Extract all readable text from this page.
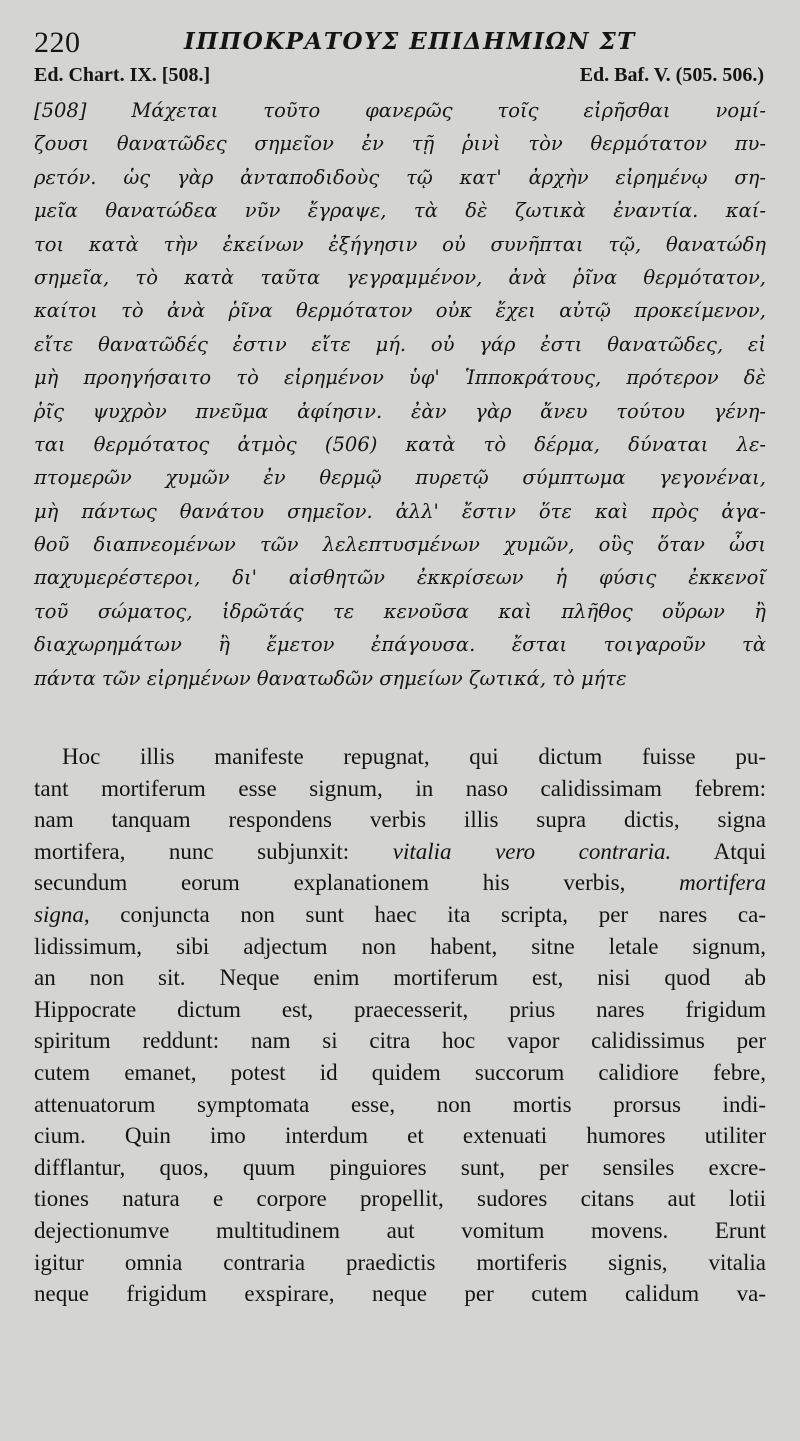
220	ΙΠΠΟΚΡΑΤΟΥΣ ΕΠΙΔΗΜΙΩΝ ΣΤ
Ed. Chart. IX. [508.]	Ed. Baf. V. (505. 506.)
[508] Μάχεται τοῦτο φανερῶς τοῖς εἰρῆσθαι νομί-
ζουσι θανατῶδες σημεῖον ἐν τῇ ῥινὶ τὸν θερμότατον πυ-
ρετόν. ὡς γὰρ ἀνταποδιδοὺς τῷ κατ' ἀρχὴν εἰρημένῳ ση-
μεῖα θανατώδεα νῦν ἔγραψε, τὰ δὲ ζωτικὰ ἐναντία. καί-
τοι κατὰ τὴν ἐκείνων ἐξήγησιν οὐ συνῆπται τῷ, θανατώδη
σημεῖα, τὸ κατὰ ταῦτα γεγραμμένον, ἀνὰ ῥῖνα θερμότατον,
καίτοι τὸ ἀνὰ ῥῖνα θερμότατον οὐκ ἔχει αὐτῷ προκείμενον,
εἴτε θανατῶδές ἐστιν εἴτε μή. οὐ γάρ ἐστι θανατῶδες, εἰ
μὴ προηγήσαιτο τὸ εἰρημένον ὑφ' Ἱπποκράτους, πρότερον δὲ
ῥῖς ψυχρὸν πνεῦμα ἀφίησιν. ἐὰν γὰρ ἄνευ τούτου γένη-
ται θερμότατος ἀτμὸς (506) κατὰ τὸ δέρμα, δύναται λε-
πτομερῶν χυμῶν ἐν θερμῷ πυρετῷ σύμπτωμα γεγονέναι,
μὴ πάντως θανάτου σημεῖον. ἀλλ' ἔστιν ὅτε καὶ πρὸς ἀγα-
θοῦ διαπνεομένων τῶν λελεπτυσμένων χυμῶν, οὓς ὅταν ὦσι
παχυμερέστεροι, δι' αἰσθητῶν ἐκκρίσεων ἡ φύσις ἐκκενοῖ
τοῦ σώματος, ἱδρῶτάς τε κενοῦσα καὶ πλῆθος οὔρων ἢ
διαχωρημάτων ἢ ἔμετον ἐπάγουσα. ἔσται τοιγαροῦν τὰ
πάντα τῶν εἰρημένων θανατωδῶν σημείων ζωτικά, τὸ μήτε
Hoc illis manifeste repugnat, qui dictum fuisse pu-
tant mortiferum esse signum, in naso calidissimam febrem:
nam tanquam respondens verbis illis supra dictis, signa
mortifera, nunc subjunxit: vitalia vero contraria. Atqui
secundum eorum explanationem his verbis, mortifera
signa, conjuncta non sunt haec ita scripta, per nares ca-
lidissimum, sibi adjectum non habent, sitne letale signum,
an non sit. Neque enim mortiferum est, nisi quod ab
Hippocrate dictum est, praecesserit, prius nares frigidum
spiritum reddunt: nam si citra hoc vapor calidissimus per
cutem emanet, potest id quidem succorum calidiore febre,
attenuatorum symptomata esse, non mortis prorsus indi-
cium. Quin imo interdum et extenuati humores utiliter
difflantur, quos, quum pinguiores sunt, per sensiles excre-
tiones natura e corpore propellit, sudores citans aut lotii
dejectionumve multitudinem aut vomitum movens. Erunt
igitur omnia contraria praedictis mortiferis signis, vitalia
neque frigidum exspirare, neque per cutem calidum va-
